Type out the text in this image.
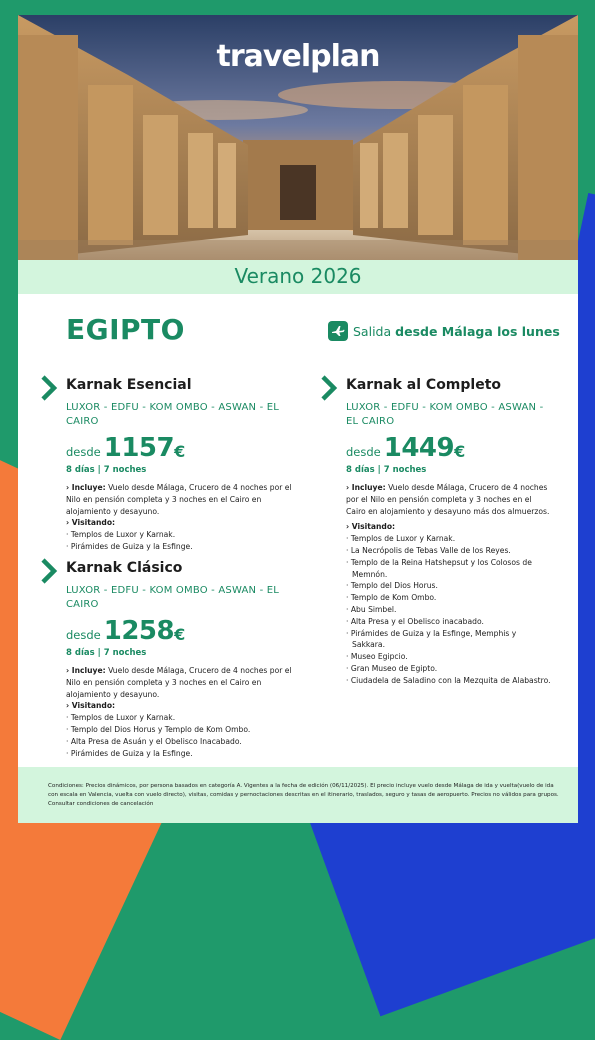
travelplan
Verano 2026
EGIPTO	Salida desde Málaga los lunes
Karnak Esencial
LUXOR - EDFU - KOM OMBO - ASWAN - EL CAIRO
desde 1157 €
8 días | 7 noches
› Incluye: Vuelo desde Málaga, Crucero de 4 noches por el Nilo en pensión completa y 3 noches en el Cairo en alojamiento y desayuno.
› Visitando:
· Templos de Luxor y Karnak.
· Pirámides de Guiza y la Esfinge.
Karnak Clásico
LUXOR - EDFU - KOM OMBO - ASWAN - EL CAIRO
desde 1258 €
8 días | 7 noches
› Incluye: Vuelo desde Málaga, Crucero de 4 noches por el Nilo en pensión completa y 3 noches en el Cairo en alojamiento y desayuno.
› Visitando:
· Templos de Luxor y Karnak.
· Templo del Dios Horus y Templo de Kom Ombo.
· Alta Presa de Asuán y el Obelisco Inacabado.
· Pirámides de Guiza y la Esfinge.
Karnak al Completo
LUXOR - EDFU - KOM OMBO - ASWAN - EL CAIRO
desde 1449 €
8 días | 7 noches
› Incluye: Vuelo desde Málaga, Crucero de 4 noches por el Nilo en pensión completa y 3 noches en el Cairo en alojamiento y desayuno más dos almuerzos.
› Visitando:
· Templos de Luxor y Karnak.
· La Necrópolis de Tebas Valle de los Reyes.
· Templo de la Reina Hatshepsut y los Colosos de Memnón.
· Templo del Dios Horus.
· Templo de Kom Ombo.
· Abu Simbel.
· Alta Presa y el Obelisco inacabado.
· Pirámides de Guiza y la Esfinge, Memphis y Sakkara.
· Museo Egipcio.
· Gran Museo de Egipto.
· Ciudadela de Saladino con la Mezquita de Alabastro.

Condiciones: Precios dinámicos, por persona basados en categoría A. Vigentes a la fecha de edición (06/11/2025). El precio incluye vuelo desde Málaga de ida y vuelta(vuelo de ida con escala en Valencia, vuelta con vuelo directo), visitas, comidas y pernoctaciones descritas en el itinerario, traslados, seguro y tasas de aeropuerto. Precios no válidos para grupos. Consultar condiciones de cancelación
